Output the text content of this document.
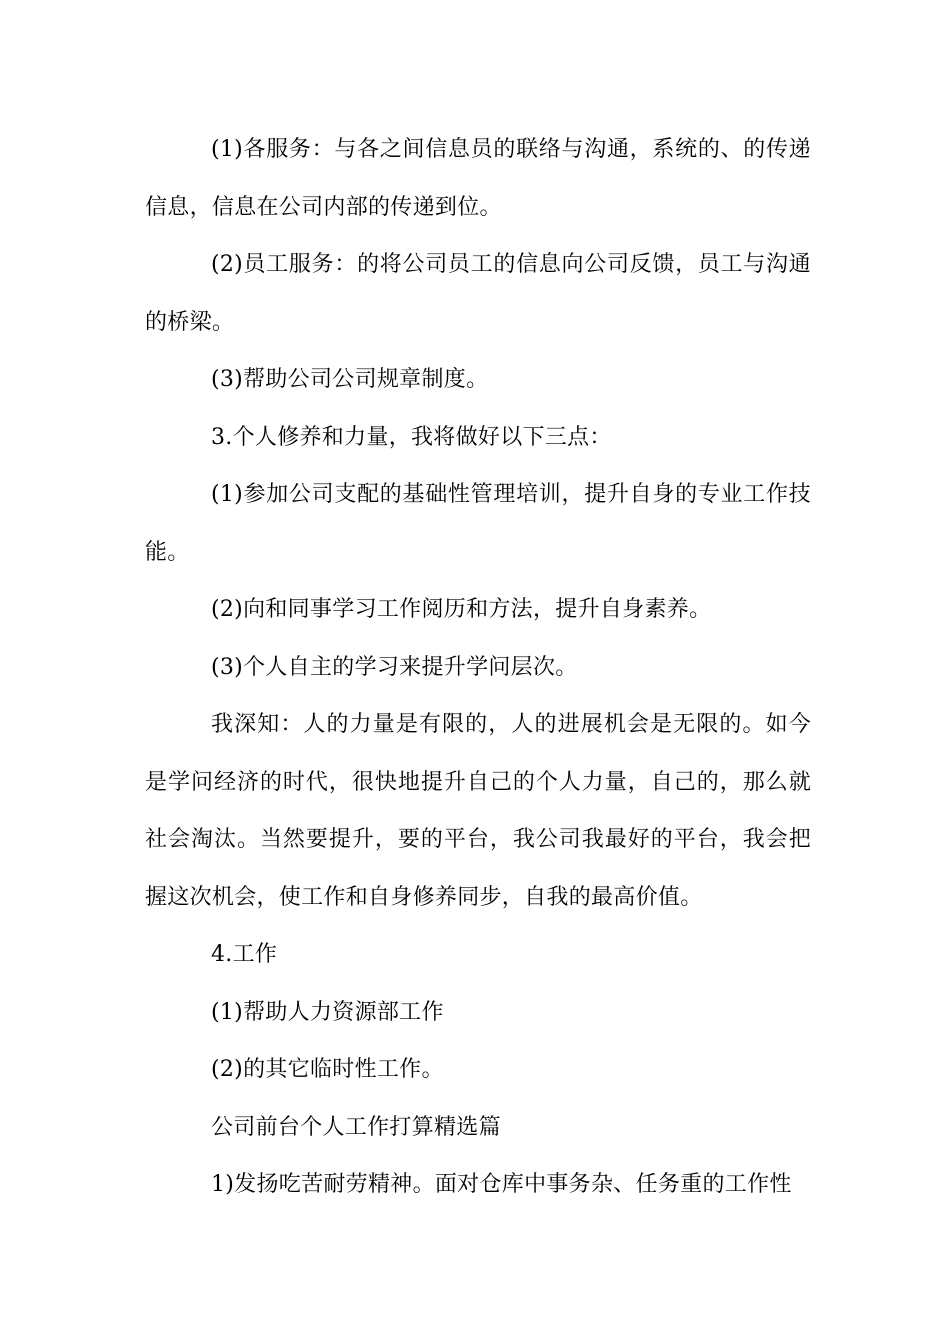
(1)各服务：与各之间信息员的联络与沟通，系统的、的传递信息，信息在公司内部的传递到位。

(2)员工服务：的将公司员工的信息向公司反馈，员工与沟通的桥梁。

(3)帮助公司公司规章制度。

3.个人修养和力量，我将做好以下三点：

(1)参加公司支配的基础性管理培训，提升自身的专业工作技能。

(2)向和同事学习工作阅历和方法，提升自身素养。

(3)个人自主的学习来提升学问层次。

我深知：人的力量是有限的，人的进展机会是无限的。如今是学问经济的时代，很快地提升自己的个人力量，自己的，那么就社会淘汰。当然要提升，要的平台，我公司我最好的平台，我会把握这次机会，使工作和自身修养同步，自我的最高价值。

4.工作

(1)帮助人力资源部工作

(2)的其它临时性工作。

公司前台个人工作打算精选篇

1)发扬吃苦耐劳精神。面对仓库中事务杂、任务重的工作性
